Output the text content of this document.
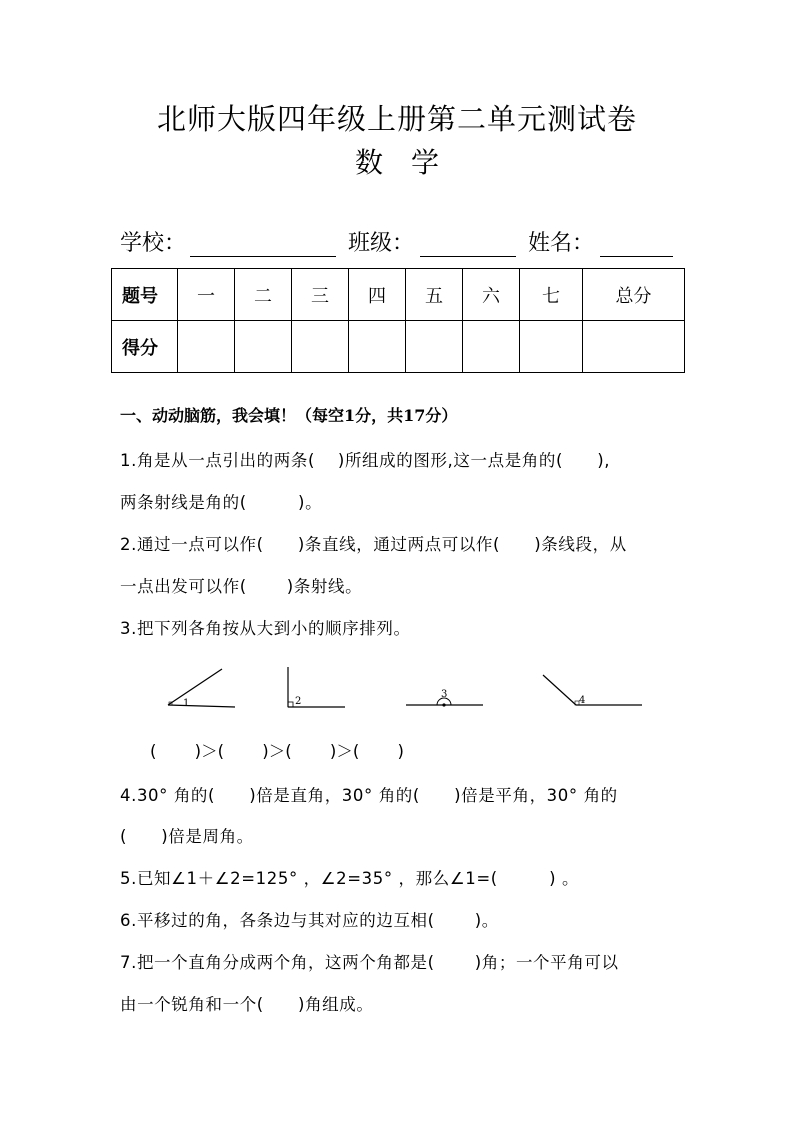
北师大版四年级上册第二单元测试卷
数　学
学校：	班级：	姓名：
题号	一	二	三	四	五	六	七	总分
得分								
一、动动脑筋，我会填！（每空1分，共17分）
1.角是从一点引出的两条(　 )所组成的图形,这一点是角的(　　),
两条射线是角的(　　　)。
2.通过一点可以作(　　)条直线，通过两点可以作(　　)条线段，从
一点出发可以作(　　 )条射线。
3.把下列各角按从大到小的顺序排列。
1	2
3
4
(　　 )＞(　　 )＞(　　 )＞(　　 )
4.30° 角的(　　)倍是直角，30° 角的(　　)倍是平角，30° 角的
(　　)倍是周角。
5.已知∠1＋∠2=125° ，∠2=35° ，那么∠1=(　　　) 。
6.平移过的角，各条边与其对应的边互相(　　 )。
7.把一个直角分成两个角，这两个角都是(　　 )角；一个平角可以
由一个锐角和一个(　　)角组成。
